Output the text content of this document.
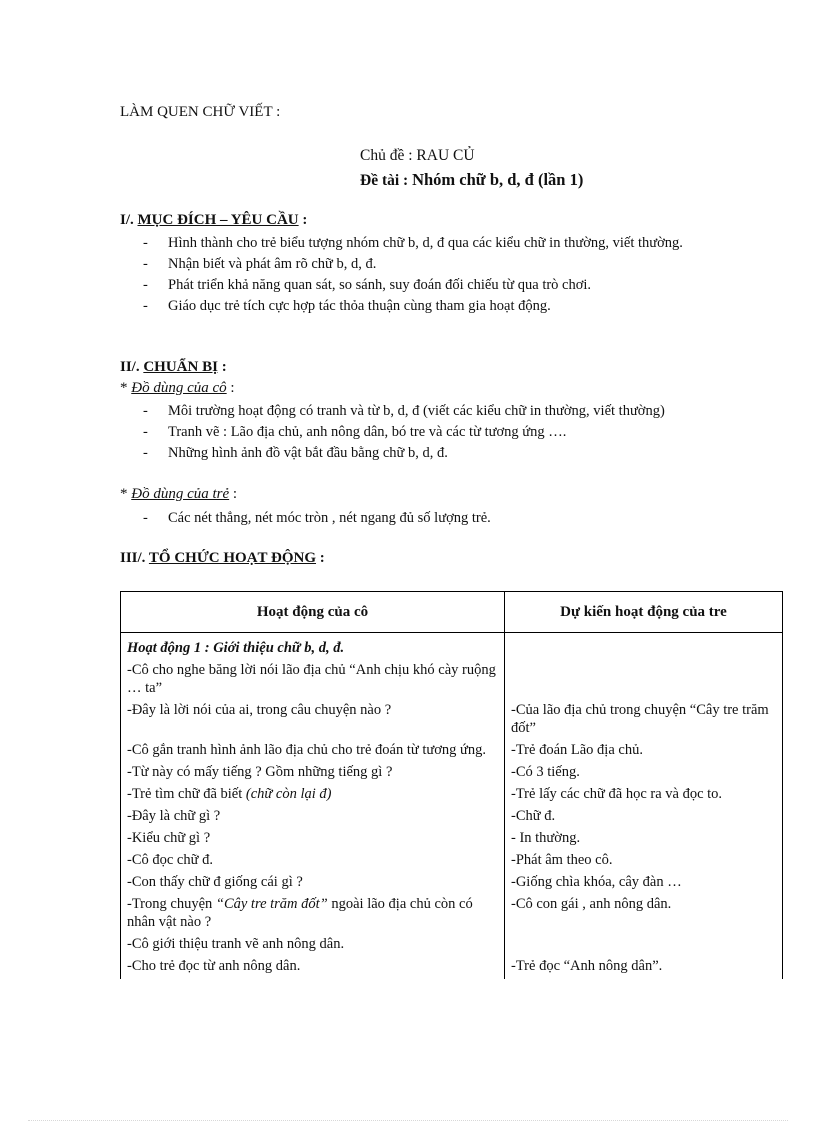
LÀM QUEN CHỮ VIẾT :
Chủ đề : RAU CỦ
Đề tài : Nhóm chữ b, d, đ (lần 1)
I/. MỤC ĐÍCH – YÊU CẦU :
- Hình thành cho trẻ biểu tượng nhóm chữ b, d, đ qua các kiểu chữ in thường, viết thường.
- Nhận biết và phát âm rõ chữ b, d, đ.
- Phát triển khả năng quan sát, so sánh, suy đoán đối chiếu từ qua trò chơi.
- Giáo dục trẻ tích cực hợp tác thỏa thuận cùng tham gia hoạt động.
II/. CHUẨN BỊ :
* Đồ dùng của cô :
- Môi trường hoạt động có tranh và từ b, d, đ (viết các kiểu chữ in thường, viết thường)
- Tranh vẽ : Lão địa chủ, anh nông dân, bó tre và các từ tương ứng ….
- Những hình ảnh đồ vật bắt đầu bằng chữ b, d, đ.
* Đồ dùng của trẻ :
- Các nét thẳng, nét móc tròn , nét ngang đủ số lượng trẻ.
III/. TỔ CHỨC HOẠT ĐỘNG :
Hoạt động của cô	Dự kiến hoạt động của tre
Hoạt động 1 : Giới thiệu chữ b, d, đ.	
-Cô cho nghe băng lời nói lão địa chủ “Anh chịu khó cày ruộng … ta”	
-Đây là lời nói của ai, trong câu chuyện nào ?	-Của lão địa chủ trong chuyện “Cây tre trăm đốt”
-Cô gắn tranh hình ảnh lão địa chủ cho trẻ đoán từ tương ứng.	-Trẻ đoán Lão địa chủ.
-Từ này có mấy tiếng ? Gồm những tiếng gì ?	-Có 3 tiếng.
-Trẻ tìm chữ đã biết (chữ còn lại đ)	-Trẻ lấy các chữ đã học ra và đọc to.
-Đây là chữ gì ?	-Chữ đ.
-Kiểu chữ gì ?	- In thường.
-Cô đọc chữ đ.	-Phát âm theo cô.
-Con thấy chữ đ giống cái gì ?	-Giống chìa khóa, cây đàn …
-Trong chuyện “Cây tre trăm đốt” ngoài lão địa chủ còn có nhân vật nào ?	-Cô con gái , anh nông dân.
-Cô giới thiệu tranh vẽ anh nông dân.	
-Cho trẻ đọc từ anh nông dân.	-Trẻ đọc “Anh nông dân”.
